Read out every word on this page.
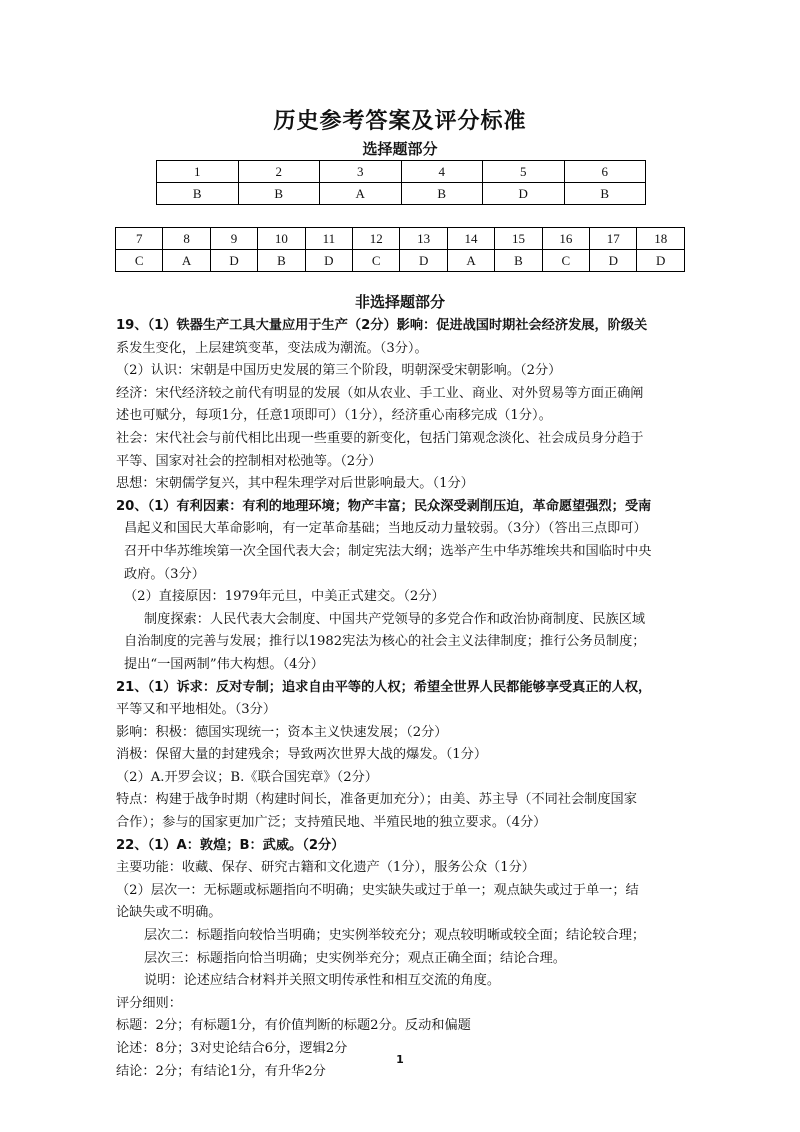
历史参考答案及评分标准
选择题部分
1	2	3	4	5	6
B	B	A	B	D	B
7	8	9	10	11	12	13	14	15	16	17	18
C	A	D	B	D	C	D	A	B	C	D	D
非选择题部分

19、（1）铁器生产工具大量应用于生产（2分）影响：促进战国时期社会经济发展，阶级关

系发生变化，上层建筑变革，变法成为潮流。（3分）。

（2）认识：宋朝是中国历史发展的第三个阶段，明朝深受宋朝影响。（2分）

经济：宋代经济较之前代有明显的发展（如从农业、手工业、商业、对外贸易等方面正确阐

述也可赋分，每项1分，任意1项即可）（1分），经济重心南移完成（1分）。

社会：宋代社会与前代相比出现一些重要的新变化，包括门第观念淡化、社会成员身分趋于

平等、国家对社会的控制相对松弛等。（2分）

思想：宋朝儒学复兴，其中程朱理学对后世影响最大。（1分）

20、（1）有利因素：有利的地理环境；物产丰富；民众深受剥削压迫，革命愿望强烈；受南

昌起义和国民大革命影响，有一定革命基础；当地反动力量较弱。（3分）（答出三点即可）

召开中华苏维埃第一次全国代表大会；制定宪法大纲；选举产生中华苏维埃共和国临时中央

政府。（3分）

（2）直接原因：1979年元旦，中美正式建交。（2分）

制度探索：人民代表大会制度、中国共产党领导的多党合作和政治协商制度、民族区域

自治制度的完善与发展；推行以1982宪法为核心的社会主义法律制度；推行公务员制度；

提出“一国两制”伟大构想。（4分）

21、（1）诉求：反对专制；追求自由平等的人权；希望全世界人民都能够享受真正的人权，

平等又和平地相处。（3分）

影响：积极：德国实现统一；资本主义快速发展；（2分）

消极：保留大量的封建残余；导致两次世界大战的爆发。（1分）

（2）A.开罗会议；B.《联合国宪章》（2分）

特点：构建于战争时期（构建时间长，准备更加充分）；由美、苏主导（不同社会制度国家

合作）；参与的国家更加广泛；支持殖民地、半殖民地的独立要求。（4分）

22、（1）A：敦煌；B：武威。（2分）

主要功能：收藏、保存、研究古籍和文化遗产（1分），服务公众（1分）

（2）层次一：无标题或标题指向不明确；史实缺失或过于单一；观点缺失或过于单一；结

论缺失或不明确。

层次二：标题指向较恰当明确；史实例举较充分；观点较明晰或较全面；结论较合理；

层次三：标题指向恰当明确；史实例举充分；观点正确全面；结论合理。

说明：论述应结合材料并关照文明传承性和相互交流的角度。

评分细则：

标题：2分；有标题1分，有价值判断的标题2分。反动和偏题

论述：8分；3对史论结合6分，逻辑2分

结论：2分；有结论1分，有升华2分

1
